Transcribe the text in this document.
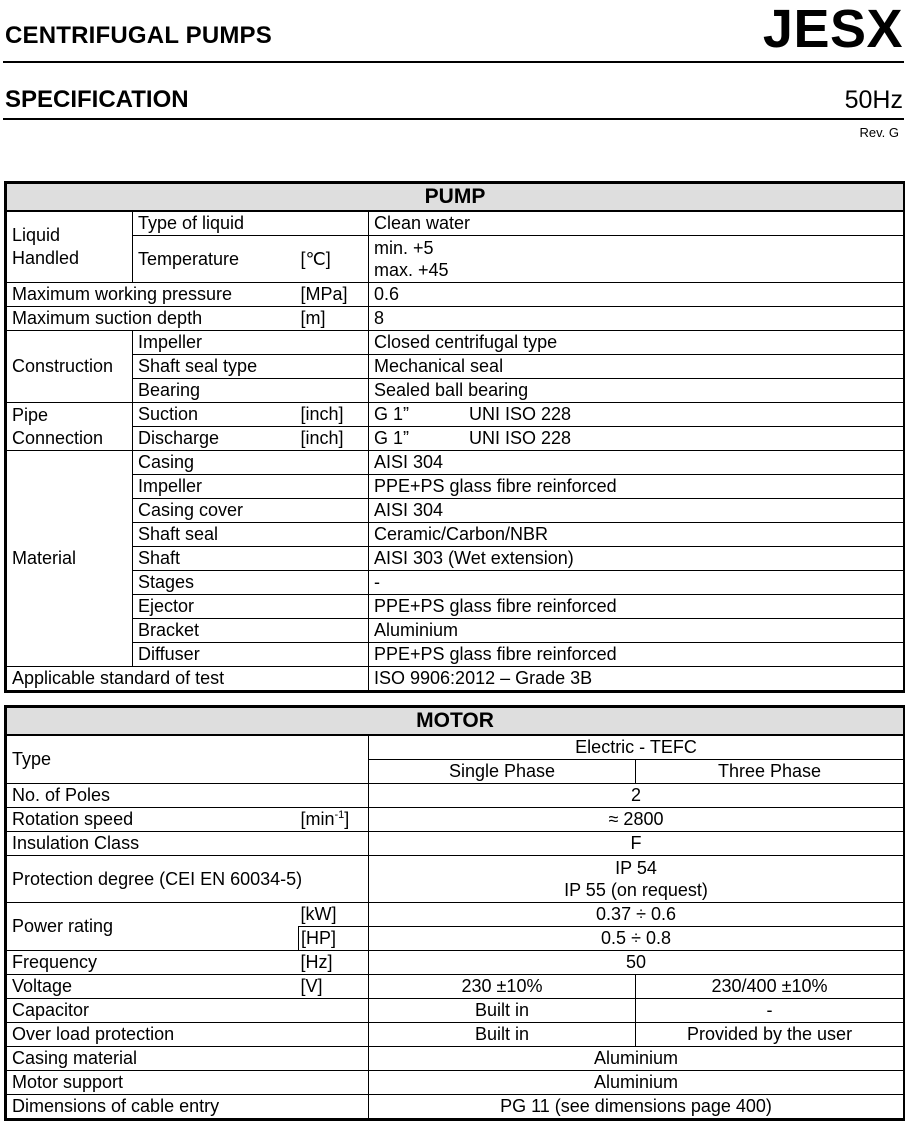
CENTRIFUGAL PUMPS	JESX
SPECIFICATION	50Hz
Rev. G
PUMP			
Liquid Handled	Type of liquid		Clean water
	Temperature	[℃]	min. +5
max. +45

Maximum working pressure		[MPa]	0.6
Maximum suction depth		[m]	8
Construction	Impeller		Closed centrifugal type
	Shaft seal type		Mechanical seal
	Bearing		Sealed ball bearing
Pipe Connection	Suction	[inch]	G 1” UNI ISO 228
	Discharge	[inch]	G 1” UNI ISO 228
Material	Casing		AISI 304
	Impeller		PPE+PS glass fibre reinforced
	Casing cover		AISI 304
	Shaft seal		Ceramic/Carbon/NBR
	Shaft		AISI 303 (Wet extension)
	Stages		-
	Ejector		PPE+PS glass fibre reinforced
	Bracket		Aluminium
	Diffuser		PPE+PS glass fibre reinforced
Applicable standard of test			ISO 9906:2012 – Grade 3B
MOTOR			
Type		Electric - TEFC	
		Single Phase	Three Phase
No. of Poles		2	
Rotation speed	$[\min^{-1}]$	≈ 2800	
Insulation Class		F	
Protection degree (CEI EN 60034-5)		IP 54
IP 55 (on request)	

Power rating	[kW]	0.37 ÷ 0.6	
	[HP]	0.5 ÷ 0.8	
Frequency	[Hz]	50	
Voltage	[V]	230 ±10%	230/400 ±10%
Capacitor		Built in	-
Over load protection		Built in	Provided by the user
Casing material		Aluminium	
Motor support		Aluminium	
Dimensions of cable entry		PG 11 (see dimensions page 400)	
